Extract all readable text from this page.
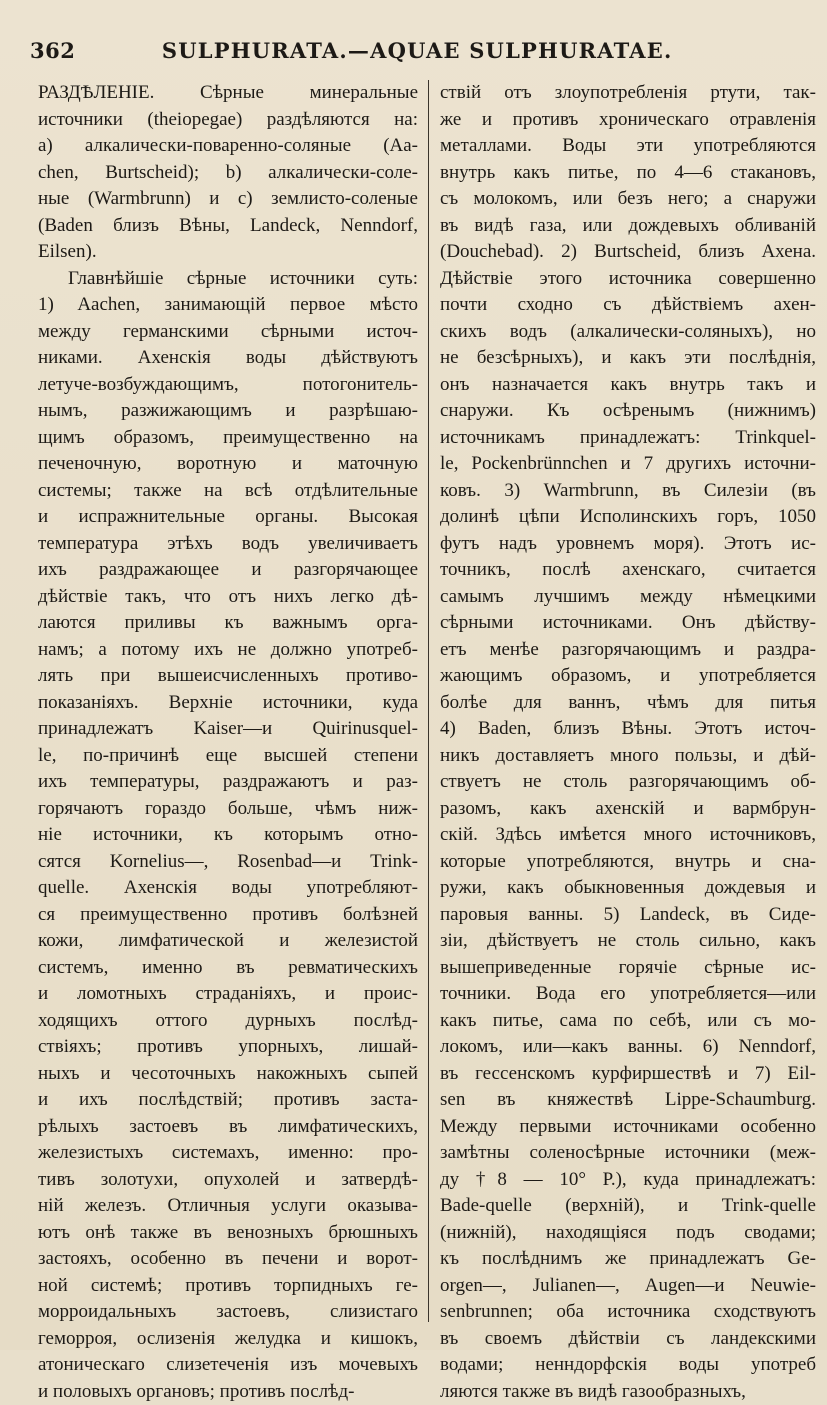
362	SULPHURATA.—AQUAE SULPHURATAE.
РАЗДѢЛЕНІЕ. Сѣрные минеральные
источники (theiopegae) раздѣляются на:
a) алкалически-поваренно-соляные (Aa-
chen, Burtscheid); b) алкалически-соле-
ные (Warmbrunn) и c) землисто-соленые
(Baden близъ Вѣны, Landeck, Nenndorf,
Eilsen).
Главнѣйшіе сѣрные источники суть:
1) Aachen, занимающій первое мѣсто
между германскими сѣрными источ-
никами. Ахенскія воды дѣйствуютъ
летуче-возбуждающимъ, потогонитель-
нымъ, разжижающимъ и разрѣшаю-
щимъ образомъ, преимущественно на
печеночную, воротную и маточную
системы; также на всѣ отдѣлительные
и испражнительные органы. Высокая
температура этѣхъ водъ увеличиваетъ
ихъ раздражающее и разгорячающее
дѣйствіе такъ, что отъ нихъ легко дѣ-
лаются приливы къ важнымъ орга-
намъ; а потому ихъ не должно употреб-
лять при вышеисчисленныхъ противо-
показаніяхъ. Верхніе источники, куда
принадлежатъ Kaiser—и Quirinusquel-
le, по-причинѣ еще высшей степени
ихъ температуры, раздражаютъ и раз-
горячаютъ гораздо больше, чѣмъ ниж-
ніе источники, къ которымъ отно-
сятся Kornelius—, Rosenbad—и Trink-
quelle. Ахенскія воды употребляют-
ся преимущественно противъ болѣзней
кожи, лимфатической и железистой
системъ, именно въ ревматическихъ
и ломотныхъ страданіяхъ, и проис-
ходящихъ оттого дурныхъ послѣд-
ствіяхъ; противъ упорныхъ, лишай-
ныхъ и чесоточныхъ накожныхъ сыпей
и ихъ послѣдствій; противъ заста-
рѣлыхъ застоевъ въ лимфатическихъ,
железистыхъ системахъ, именно: про-
тивъ золотухи, опухолей и затвердѣ-
ній железъ. Отличныя услуги оказыва-
ютъ онѣ также въ венозныхъ брюшныхъ
застояхъ, особенно въ печени и ворот-
ной системѣ; противъ торпидныхъ ге-
морроидальныхъ застоевъ, слизистаго
геморроя, ослизенія желудка и кишокъ,
атоническаго слизетеченія изъ мочевыхъ
и половыхъ органовъ; противъ послѣд-
ствій отъ злоупотребленія ртути, так-
же и противъ хроническаго отравленія
металлами. Воды эти употребляются
внутрь какъ питье, по 4—6 стакановъ,
съ молокомъ, или безъ него; а снаружи
въ видѣ газа, или дождевыхъ обливаній
(Douchebad). 2) Burtscheid, близъ Ахена.
Дѣйствіе этого источника совершенно
почти сходно съ дѣйствіемъ ахен-
скихъ водъ (алкалически-соляныхъ), но
не безсѣрныхъ), и какъ эти послѣднія,
онъ назначается какъ внутрь такъ и
снаружи. Къ осѣренымъ (нижнимъ)
источникамъ принадлежатъ: Trinkquel-
le, Pockenbrünnchen и 7 другихъ источни-
ковъ. 3) Warmbrunn, въ Силезіи (въ
долинѣ цѣпи Исполинскихъ горъ, 1050
футъ надъ уровнемъ моря). Этотъ ис-
точникъ, послѣ ахенскаго, считается
самымъ лучшимъ между нѣмецкими
сѣрными источниками. Онъ дѣйству-
етъ менѣе разгорячающимъ и раздра-
жающимъ образомъ, и употребляется
болѣе для ваннъ, чѣмъ для питья
4) Baden, близъ Вѣны. Этотъ источ-
никъ доставляетъ много пользы, и дѣй-
ствуетъ не столь разгорячающимъ об-
разомъ, какъ ахенскій и вармбрун-
скій. Здѣсь имѣется много источниковъ,
которые употребляются, внутрь и сна-
ружи, какъ обыкновенныя дождевыя и
паровыя ванны. 5) Landeck, въ Сиде-
зіи, дѣйствуетъ не столь сильно, какъ
вышеприведенные горячіе сѣрные ис-
точники. Вода его употребляется—или
какъ питье, сама по себѣ, или съ мо-
локомъ, или—какъ ванны. 6) Nenndorf,
въ гессенскомъ курфиршествѣ и 7) Eil-
sen въ княжествѣ Lippe-Schaumburg.
Между первыми источниками особенно
замѣтны соленосѣрные источники (меж-
ду †8 — 10° Р.), куда принадлежатъ:
Bade-quelle (верхній), и Trink-quelle
(нижній), находящіяся подъ сводами;
къ послѣднимъ же принадлежатъ Ge-
orgen—, Julianen—, Augen—и Neuwie-
senbrunnen; оба источника сходствуютъ
въ своемъ дѣйствіи съ ландекскими
водами; ненндорфскія воды употреб
ляются также въ видѣ газообразныхъ,
